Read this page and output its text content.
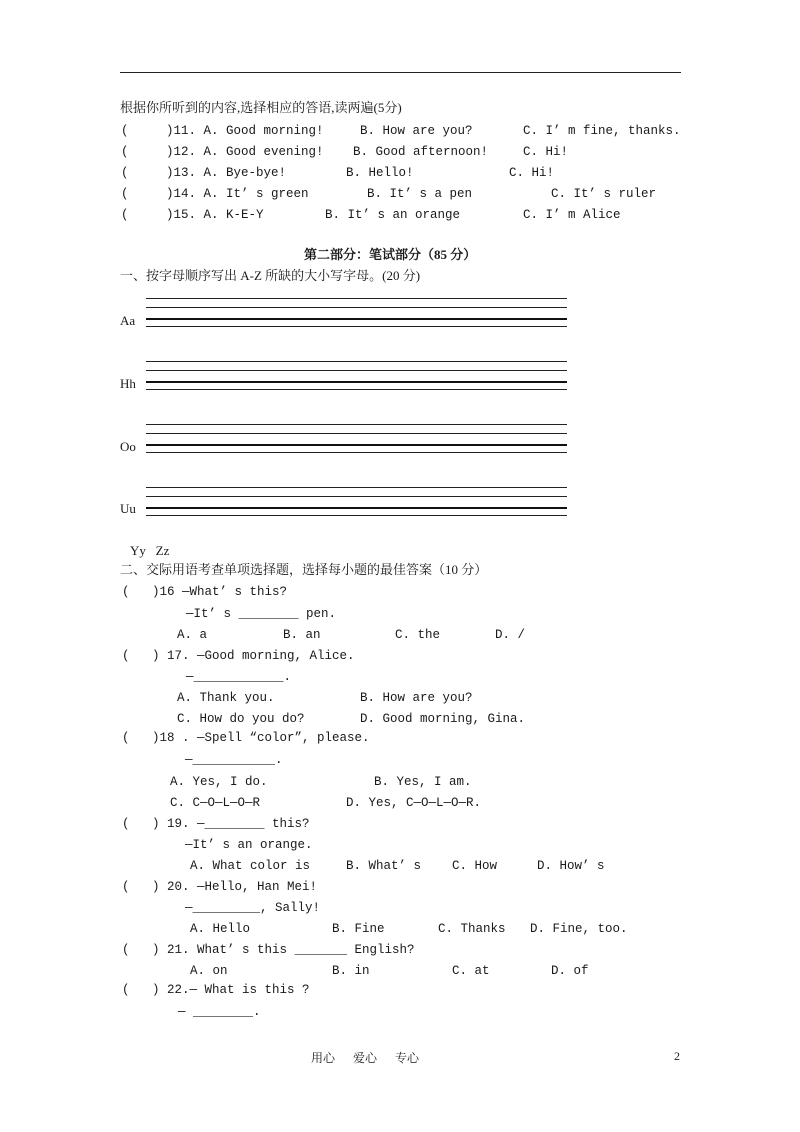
根据你所听到的内容,选择相应的答语,读两遍(5分)
(     )11. A. Good morning!	B. How are you?	C. I’ m fine, thanks.
(     )12. A. Good evening! B. Good afternoon!	C. Hi!
(     )13. A. Bye-bye!	B. Hello!	C. Hi!
(     )14. A. It’ s green	B. It’ s a pen	C. It’ s ruler
(     )15. A. K-E-Y	B. It’ s an orange	C. I’ m Alice
第二部分：笔试部分（85 分）
一、按字母顺序写出 A-Z 所缺的大小写字母。(20 分)
Aa
Hh
Oo
Uu
Yy   Zz
二、交际用语考查单项选择题，选择每小题的最佳答案（10 分）
(   )16 —What’ s this?
—It’ s ________ pen.
A. a	B. an	C. the	D. /
(   ) 17. —Good morning, Alice.
—____________.
A. Thank you.	B. How are you?
C. How do you do?	D. Good morning, Gina.
(   )18 . —Spell “color”, please.
—___________.
A. Yes, I do.	B. Yes, I am.
C. C—O—L—O—R	D. Yes, C—O—L—O—R.
(   ) 19. —________ this?
—It’ s an orange.
A. What color is	B. What’ s C. How	D. How’ s
(   ) 20. —Hello, Han Mei!
—_________, Sally!
A. Hello	B. Fine	C. Thanks D. Fine, too.
(   ) 21. What’ s this _______ English?
A. on	B. in	C. at	D. of
(   ) 22.— What is this ?
— ________.
用心      爱心      专心	2
